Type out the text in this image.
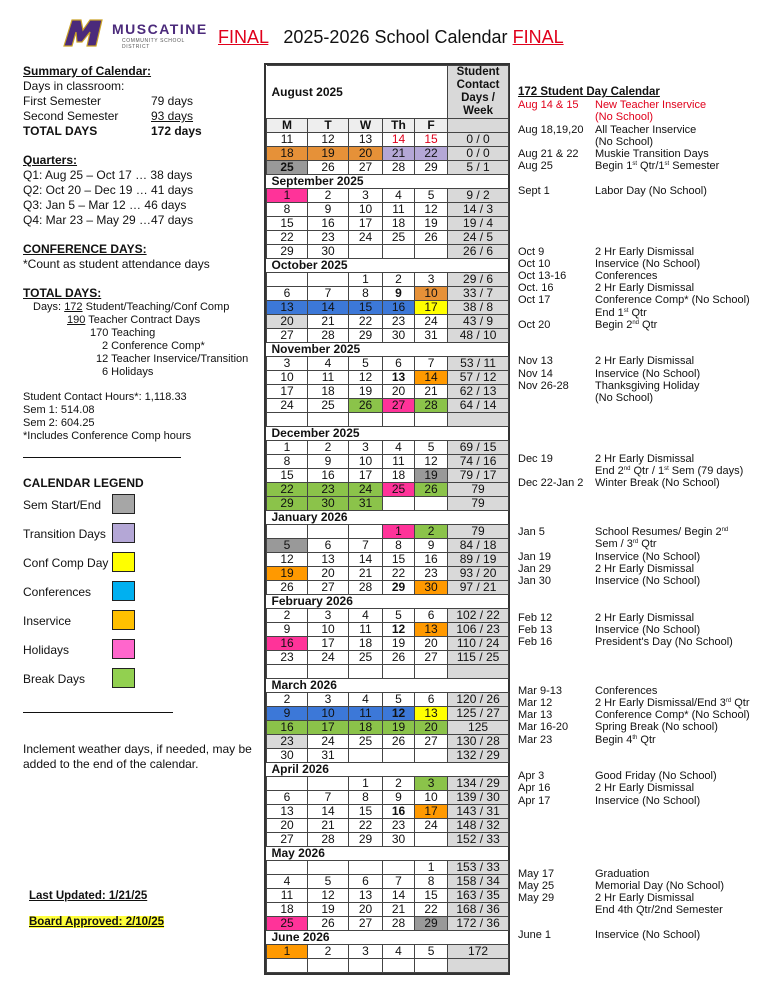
MUSCATINE
COMMUNITY SCHOOL DISTRICT	FINAL 2025-2026 School Calendar FINAL
Summary of Calendar:
Days in classroom:
First Semester	79 days
Second Semester	93 days
TOTAL DAYS	172 days
Quarters:
Q1: Aug 25 – Oct 17 … 38 days
Q2: Oct 20 – Dec 19 … 41 days
Q3: Jan 5 – Mar 12 … 46 days
Q4: Mar 23 – May 29 …47 days
CONFERENCE DAYS:
*Count as student attendance days
TOTAL DAYS:
Days: 172 Student/Teaching/Conf Comp
190 Teacher Contract Days
170 Teaching
2 Conference Comp*
12 Teacher Inservice/Transition
6 Holidays
Student Contact Hours*: 1,118.33
Sem 1: 514.08
Sem 2: 604.25
*Includes Conference Comp hours
CALENDAR LEGEND
Sem Start/End
Transition Days
Conf Comp Day
Conferences
Inservice
Holidays
Break Days
Inclement weather days, if needed, may be added to the end of the calendar.
Last Updated: 1/21/25
Board Approved: 2/10/25
August 2025					Student Contact Days / Week
M	T	W	Th	F	
11	12	13	14	15	0 / 0
18	19	20	21	22	0 / 0
25	26	27	28	29	5 / 1
September 2025					
1	2	3	4	5	9 / 2
8	9	10	11	12	14 / 3
15	16	17	18	19	19 / 4
22	23	24	25	26	24 / 5
29	30				26 / 6
October 2025					
		1	2	3	29 / 6
6	7	8	9	10	33 / 7
13	14	15	16	17	38 / 8
20	21	22	23	24	43 / 9
27	28	29	30	31	48 / 10
November 2025					
3	4	5	6	7	53 / 11
10	11	12	13	14	57 / 12
17	18	19	20	21	62 / 13
24	25	26	27	28	64 / 14

December 2025					
1	2	3	4	5	69 / 15
8	9	10	11	12	74 / 16
15	16	17	18	19	79 / 17
22	23	24	25	26	79
29	30	31			79
January 2026					
			1	2	79
5	6	7	8	9	84 / 18
12	13	14	15	16	89 / 19
19	20	21	22	23	93 / 20
26	27	28	29	30	97 / 21
February 2026					
2	3	4	5	6	102 / 22
9	10	11	12	13	106 / 23
16	17	18	19	20	110 / 24
23	24	25	26	27	115 / 25

March 2026					
2	3	4	5	6	120 / 26
9	10	11	12	13	125 / 27
16	17	18	19	20	125
23	24	25	26	27	130 / 28
30	31				132 / 29
April 2026					
		1	2	3	134 / 29
6	7	8	9	10	139 / 30
13	14	15	16	17	143 / 31
20	21	22	23	24	148 / 32
27	28	29	30		152 / 33
May 2026					
				1	153 / 33
4	5	6	7	8	158 / 34
11	12	13	14	15	163 / 35
18	19	20	21	22	168 / 36
25	26	27	28	29	172 / 36
June 2026					
1	2	3	4	5	172

172 Student Day Calendar
Aug 14 & 15	New Teacher Inservice
(No School)
Aug 18,19,20	All Teacher Inservice
(No School)
Aug 21 & 22	Muskie Transition Days
Aug 25	Begin 1st Qtr/1st Semester
Sept 1	Labor Day (No School)
Oct 9	2 Hr Early Dismissal
Oct 10	Inservice (No School)
Oct 13-16	Conferences
Oct. 16	2 Hr Early Dismissal
Oct 17	Conference Comp* (No School)
End 1st Qtr
Oct 20	Begin 2nd Qtr
Nov 13	2 Hr Early Dismissal
Nov 14	Inservice (No School)
Nov 26-28	Thanksgiving Holiday
(No School)
Dec 19	2 Hr Early Dismissal
End 2nd Qtr / 1st Sem (79 days)
Dec 22-Jan 2	Winter Break (No School)
Jan 5	School Resumes/ Begin 2nd
Sem / 3rd Qtr
Jan 19	Inservice (No School)
Jan 29	2 Hr Early Dismissal
Jan 30	Inservice (No School)
Feb 12	2 Hr Early Dismissal
Feb 13	Inservice (No School)
Feb 16	President's Day (No School)
Mar 9-13	Conferences
Mar 12	2 Hr Early Dismissal/End 3rd Qtr
Mar 13	Conference Comp* (No School)
Mar 16-20	Spring Break (No school)
Mar 23	Begin 4th Qtr
Apr 3	Good Friday (No School)
Apr 16	2 Hr Early Dismissal
Apr 17	Inservice (No School)
May 17	Graduation
May 25	Memorial Day (No School)
May 29	2 Hr Early Dismissal
End 4th Qtr/2nd Semester
June 1	Inservice (No School)
